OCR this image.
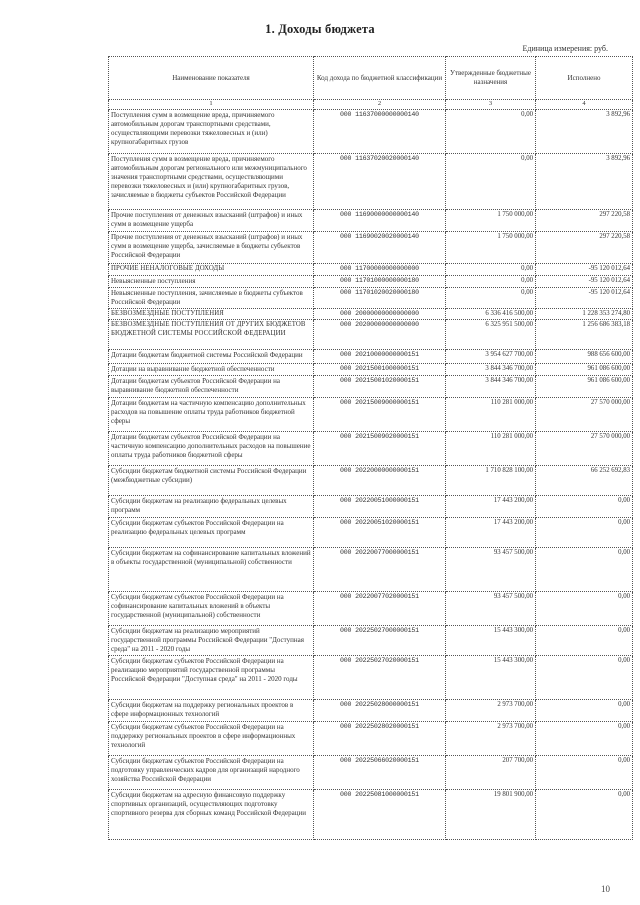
1. Доходы бюджета
Единица измерения: руб.
Наименование показателя	Код дохода по бюджетной классификации	Утвержденные бюджетные назначения	Исполнено
1	2	3	4
Поступления сумм в возмещение вреда, причиняемого автомобильным дорогам транспортными средствами, осуществляющими перевозки тяжеловесных и (или) крупногабаритных грузов	000 11637000000000140	0,00	3 892,96
Поступления сумм в возмещение вреда, причиняемого автомобильным дорогам регионального или межмуниципального значения транспортными средствами, осуществляющими перевозки тяжеловесных и (или) крупногабаритных грузов, зачисляемые в бюджеты субъектов Российской Федерации	000 11637020020000140	0,00	3 892,96
Прочие поступления от денежных взысканий (штрафов) и иных сумм в возмещение ущерба	000 11690000000000140	1 750 000,00	297 220,58
Прочие поступления от денежных взысканий (штрафов) и иных сумм в возмещение ущерба, зачисляемые в бюджеты субъектов Российской Федерации	000 11690020020000140	1 750 000,00	297 220,58
ПРОЧИЕ НЕНАЛОГОВЫЕ ДОХОДЫ	000 11700000000000000	0,00	-95 120 012,64
Невыясненные поступления	000 11701000000000180	0,00	-95 120 012,64
Невыясненные поступления, зачисляемые в бюджеты субъектов Российской Федерации	000 11701020020000180	0,00	-95 120 012,64
БЕЗВОЗМЕЗДНЫЕ ПОСТУПЛЕНИЯ	000 20000000000000000	6 336 416 500,00	1 228 353 274,80
БЕЗВОЗМЕЗДНЫЕ ПОСТУПЛЕНИЯ ОТ ДРУГИХ БЮДЖЕТОВ БЮДЖЕТНОЙ СИСТЕМЫ РОССИЙСКОЙ ФЕДЕРАЦИИ	000 20200000000000000	6 325 951 500,00	1 256 686 383,18
Дотации бюджетам бюджетной системы Российской Федерации	000 20210000000000151	3 954 627 700,00	988 656 600,00
Дотации на выравнивание бюджетной обеспеченности	000 20215001000000151	3 844 346 700,00	961 086 600,00
Дотации бюджетам субъектов Российской Федерации на выравнивание бюджетной обеспеченности	000 20215001020000151	3 844 346 700,00	961 086 600,00
Дотации бюджетам на частичную компенсацию дополнительных расходов на повышение оплаты труда работников бюджетной сферы	000 20215009000000151	110 281 000,00	27 570 000,00
Дотации бюджетам субъектов Российской Федерации на частичную компенсацию дополнительных расходов на повышение оплаты труда работников бюджетной сферы	000 20215009020000151	110 281 000,00	27 570 000,00
Субсидии бюджетам бюджетной системы Российской Федерации (межбюджетные субсидии)	000 20220000000000151	1 710 828 100,00	66 252 692,83
Субсидии бюджетам на реализацию федеральных целевых программ	000 20220051000000151	17 443 200,00	0,00
Субсидии бюджетам субъектов Российской Федерации на реализацию федеральных целевых программ	000 20220051020000151	17 443 200,00	0,00
Субсидии бюджетам на софинансирование капитальных вложений в объекты государственной (муниципальной) собственности	000 20220077000000151	93 457 500,00	0,00
Субсидии бюджетам субъектов Российской Федерации на софинансирование капитальных вложений в объекты государственной (муниципальной) собственности	000 20220077020000151	93 457 500,00	0,00
Субсидии бюджетам на реализацию мероприятий государственной программы Российской Федерации "Доступная среда" на 2011 - 2020 годы	000 20225027000000151	15 443 300,00	0,00
Субсидии бюджетам субъектов Российской Федерации на реализацию мероприятий государственной программы Российской Федерации "Доступная среда" на 2011 - 2020 годы	000 20225027020000151	15 443 300,00	0,00
Субсидии бюджетам на поддержку региональных проектов в сфере информационных технологий	000 20225028000000151	2 973 700,00	0,00
Субсидии бюджетам субъектов Российской Федерации на поддержку региональных проектов в сфере информационных технологий	000 20225028020000151	2 973 700,00	0,00
Субсидии бюджетам субъектов Российской Федерации на подготовку управленческих кадров для организаций народного хозяйства Российской Федерации	000 20225066020000151	207 700,00	0,00
Субсидии бюджетам на адресную финансовую поддержку спортивных организаций, осуществляющих подготовку спортивного резерва для сборных команд Российской Федерации	000 20225081000000151	19 801 900,00	0,00
10
